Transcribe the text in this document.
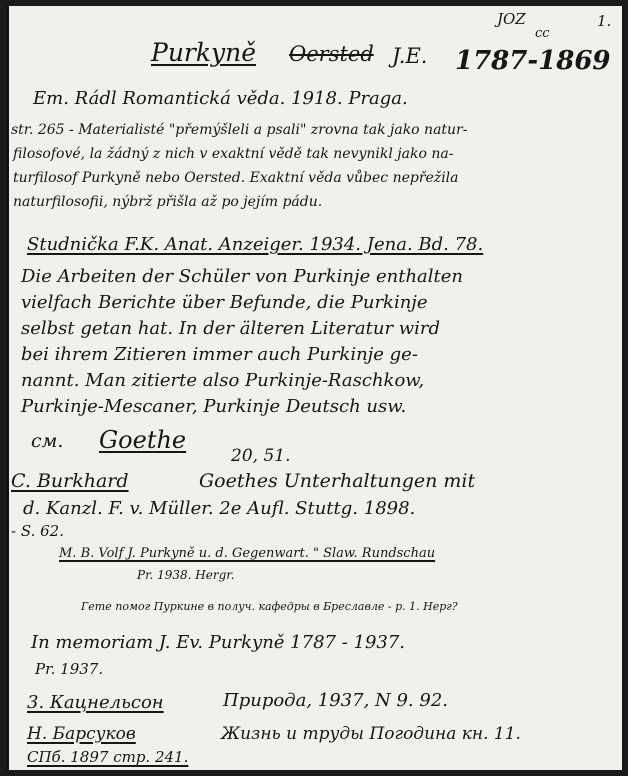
JOZ
cc
1.
Purkyně Oersted J.E. 1787-1869
Em. Rádl Romantická věda. 1918. Praga.
str. 265 - Materialisté "přemýšleli a psali" zrovna tak jako natur-
filosofové, la žádný z nich v exaktní vědě tak nevynikl jako na-
turfilosof Purkyně nebo Oersted. Exaktní věda vůbec nepřežila
naturfilosofii, nýbrž přišla až po jejím pádu.
Studnička F.K. Anat. Anzeiger. 1934. Jena. Bd. 78.
Die Arbeiten der Schüler von Purkinje enthalten
vielfach Berichte über Befunde, die Purkinje
selbst getan hat. In der älteren Literatur wird
bei ihrem Zitieren immer auch Purkinje ge-
nannt. Man zitierte also Purkinje-Raschkow,
Purkinje-Mescaner, Purkinje Deutsch usw.
см. Goethe
20, 51.
C. Burkhard	Goethes Unterhaltungen mit
d. Kanzl. F. v. Müller. 2e Aufl. Stuttg. 1898.
- S. 62.
M. B. Volf J. Purkyně u. d. Gegenwart. " Slaw. Rundschau
Pr. 1938. Hergr.
Гете помог Пуркине в получ. кафедры в Бреславле - р. 1. Нерг?
In memoriam J. Ev. Purkyně 1787 - 1937.
Pr. 1937.
3. Кацнельсон	Природа, 1937, N 9. 92.
Н. Барсуков	Жизнь и труды Погодина кн. 11.
СПб. 1897 стр. 241.
